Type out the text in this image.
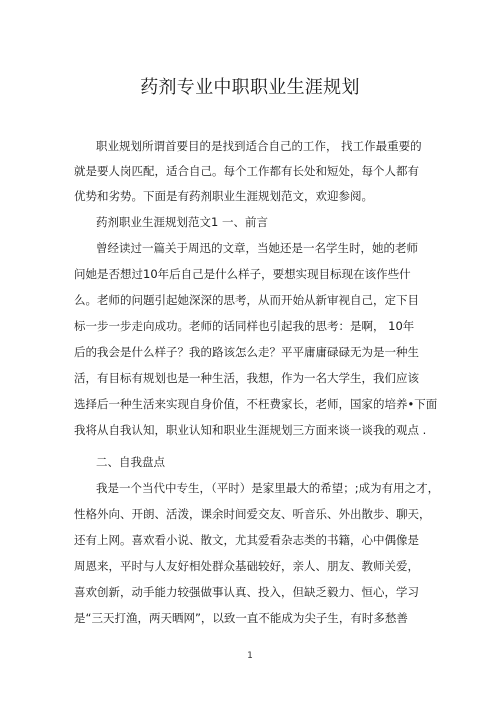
药剂专业中职职业生涯规划

职业规划所谓首要目的是找到适合自己的工作， 找工作最重要的

就是要人岗匹配，适合自己。每个工作都有长处和短处，每个人都有

优势和劣势。下面是有药剂职业生涯规划范文，欢迎参阅。

药剂职业生涯规划范文1 一、前言

曾经读过一篇关于周迅的文章，当她还是一名学生时，她的老师

问她是否想过10年后自己是什么样子，要想实现目标现在该作些什

么。老师的问题引起她深深的思考，从而开始从新审视自己，定下目

标一步一步走向成功。老师的话同样也引起我的思考：是啊， 10年

后的我会是什么样子？我的路该怎么走？平平庸庸碌碌无为是一种生

活，有目标有规划也是一种生活，我想，作为一名大学生，我们应该

选择后一种生活来实现自身价值，不枉费家长，老师，国家的培养•下面

我将从自我认知，职业认知和职业生涯规划三方面来谈一谈我的观点 .

二、自我盘点

我是一个当代中专生，（平时）是家里最大的希望；;成为有用之才，

性格外向、开朗、活泼，课余时间爱交友、听音乐、外出散步、聊天，

还有上网。喜欢看小说、散文，尤其爱看杂志类的书籍，心中偶像是

周恩来，平时与人友好相处群众基础较好，亲人、朋友、教师关爱，

喜欢创新，动手能力较强做事认真、投入，但缺乏毅力、恒心，学习

是“三天打渔，两天晒网”，以致一直不能成为尖子生，有时多愁善

1
